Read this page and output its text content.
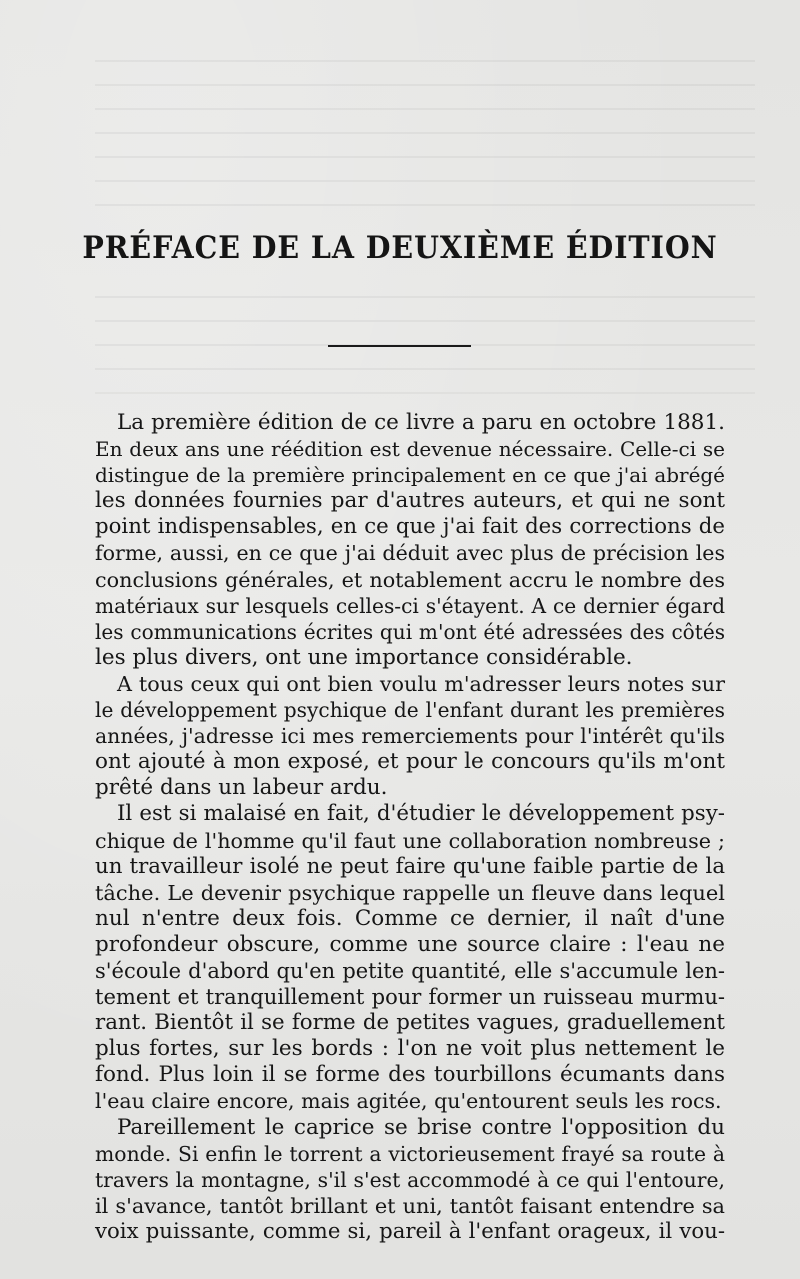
PRÉFACE DE LA DEUXIÈME ÉDITION
La première édition de ce livre a paru en octobre 1881.
En deux ans une réédition est devenue nécessaire. Celle-ci se
distingue de la première principalement en ce que j'ai abrégé
les données fournies par d'autres auteurs, et qui ne sont
point indispensables, en ce que j'ai fait des corrections de
forme, aussi, en ce que j'ai déduit avec plus de précision les
conclusions générales, et notablement accru le nombre des
matériaux sur lesquels celles-ci s'étayent. A ce dernier égard
les communications écrites qui m'ont été adressées des côtés
les plus divers, ont une importance considérable.
A tous ceux qui ont bien voulu m'adresser leurs notes sur
le développement psychique de l'enfant durant les premières
années, j'adresse ici mes remerciements pour l'intérêt qu'ils
ont ajouté à mon exposé, et pour le concours qu'ils m'ont
prêté dans un labeur ardu.
Il est si malaisé en fait, d'étudier le développement psy-
chique de l'homme qu'il faut une collaboration nombreuse ;
un travailleur isolé ne peut faire qu'une faible partie de la
tâche. Le devenir psychique rappelle un fleuve dans lequel
nul n'entre deux fois. Comme ce dernier, il naît d'une
profondeur obscure, comme une source claire : l'eau ne
s'écoule d'abord qu'en petite quantité, elle s'accumule len-
tement et tranquillement pour former un ruisseau murmu-
rant. Bientôt il se forme de petites vagues, graduellement
plus fortes, sur les bords : l'on ne voit plus nettement le
fond. Plus loin il se forme des tourbillons écumants dans
l'eau claire encore, mais agitée, qu'entourent seuls les rocs.
Pareillement le caprice se brise contre l'opposition du
monde. Si enfin le torrent a victorieusement frayé sa route à
travers la montagne, s'il s'est accommodé à ce qui l'entoure,
il s'avance, tantôt brillant et uni, tantôt faisant entendre sa
voix puissante, comme si, pareil à l'enfant orageux, il vou-
